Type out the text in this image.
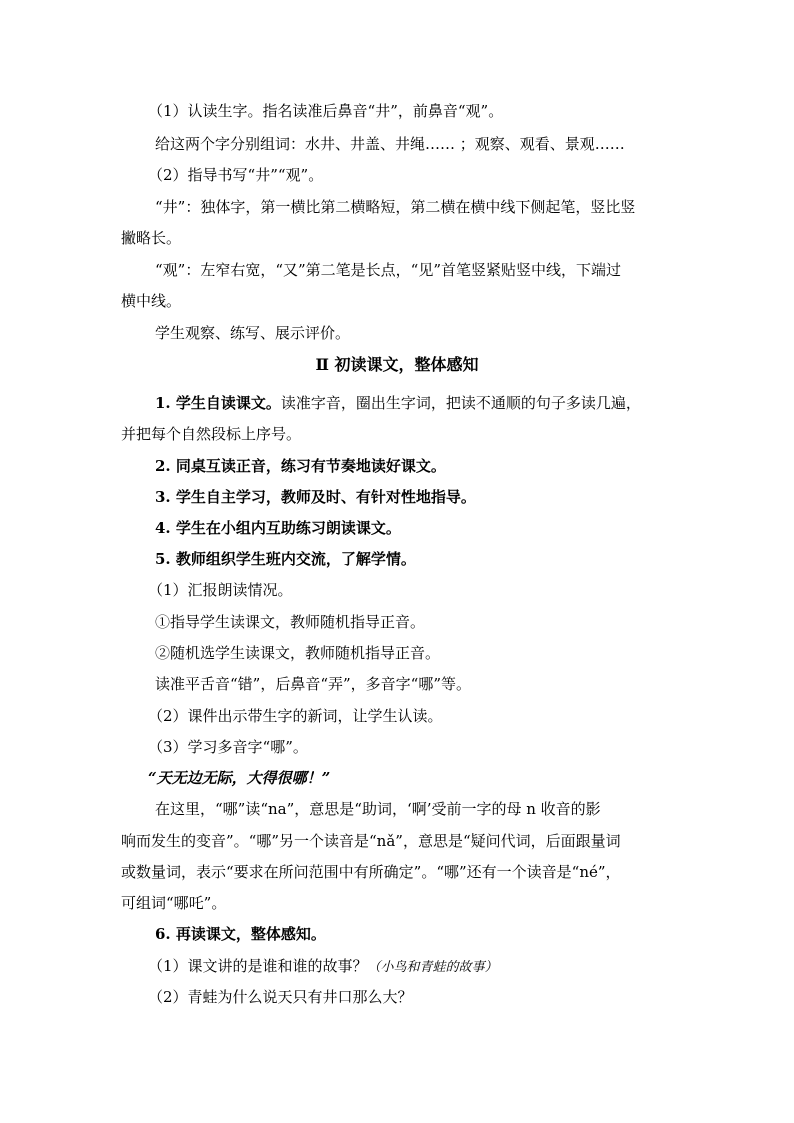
（1）认读生字。指名读准后鼻音“井”，前鼻音“观”。
给这两个字分别组词：水井、井盖、井绳…… ；观察、观看、景观……
（2）指导书写“井”“观”。
“井”：独体字，第一横比第二横略短，第二横在横中线下侧起笔，竖比竖
撇略长。
“观”：左窄右宽，“又”第二笔是长点，“见”首笔竖紧贴竖中线，下端过
横中线。
学生观察、练写、展示评价。
Ⅱ 初读课文，整体感知
1. 学生自读课文。读准字音，圈出生字词，把读不通顺的句子多读几遍，
并把每个自然段标上序号。
2. 同桌互读正音，练习有节奏地读好课文。
3. 学生自主学习，教师及时、有针对性地指导。
4. 学生在小组内互助练习朗读课文。
5. 教师组织学生班内交流，了解学情。
（1）汇报朗读情况。
①指导学生读课文，教师随机指导正音。
②随机选学生读课文，教师随机指导正音。
读准平舌音“错”，后鼻音“弄”，多音字“哪”等。
（2）课件出示带生字的新词，让学生认读。
（3）学习多音字“哪”。
“天无边无际，大得很哪！”
在这里，“哪”读“na”，意思是“助词，‘啊’受前一字的母 n 收音的影
响而发生的变音”。“哪”另一个读音是“nǎ”，意思是“疑问代词，后面跟量词
或数量词，表示“要求在所问范围中有所确定”。“哪”还有一个读音是“né”，
可组词“哪吒”。
6. 再读课文，整体感知。
（1）课文讲的是谁和谁的故事？（小鸟和青蛙的故事）
（2）青蛙为什么说天只有井口那么大？
